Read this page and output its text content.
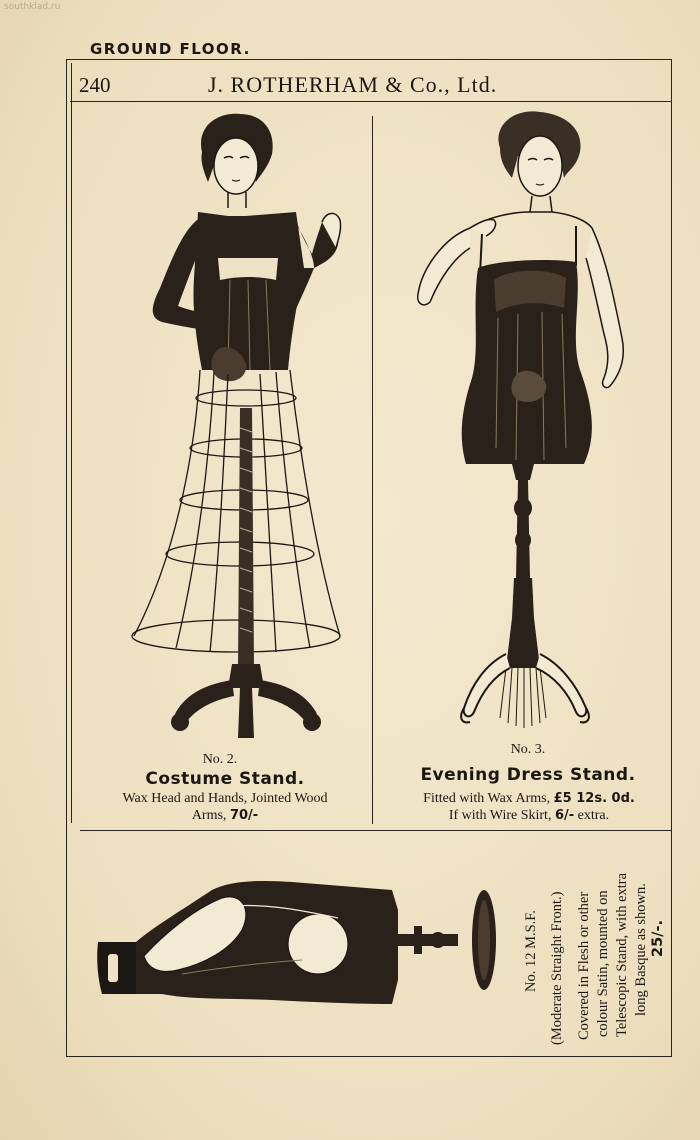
southklad.ru
GROUND FLOOR.
240	J. ROTHERHAM & Co., Ltd.
No. 2.
Costume Stand.
Wax Head and Hands, Jointed Wood
Arms, 70/-
No. 3.
Evening Dress Stand.
Fitted with Wax Arms, £5 12s. 0d.
If with Wire Skirt, 6/- extra.
No. 12 M.S.F. (Moderate Straight Front.) Covered in Flesh or other colour Satin, mounted on Telescopic Stand, with extra long Basque as shown. 25/-.
